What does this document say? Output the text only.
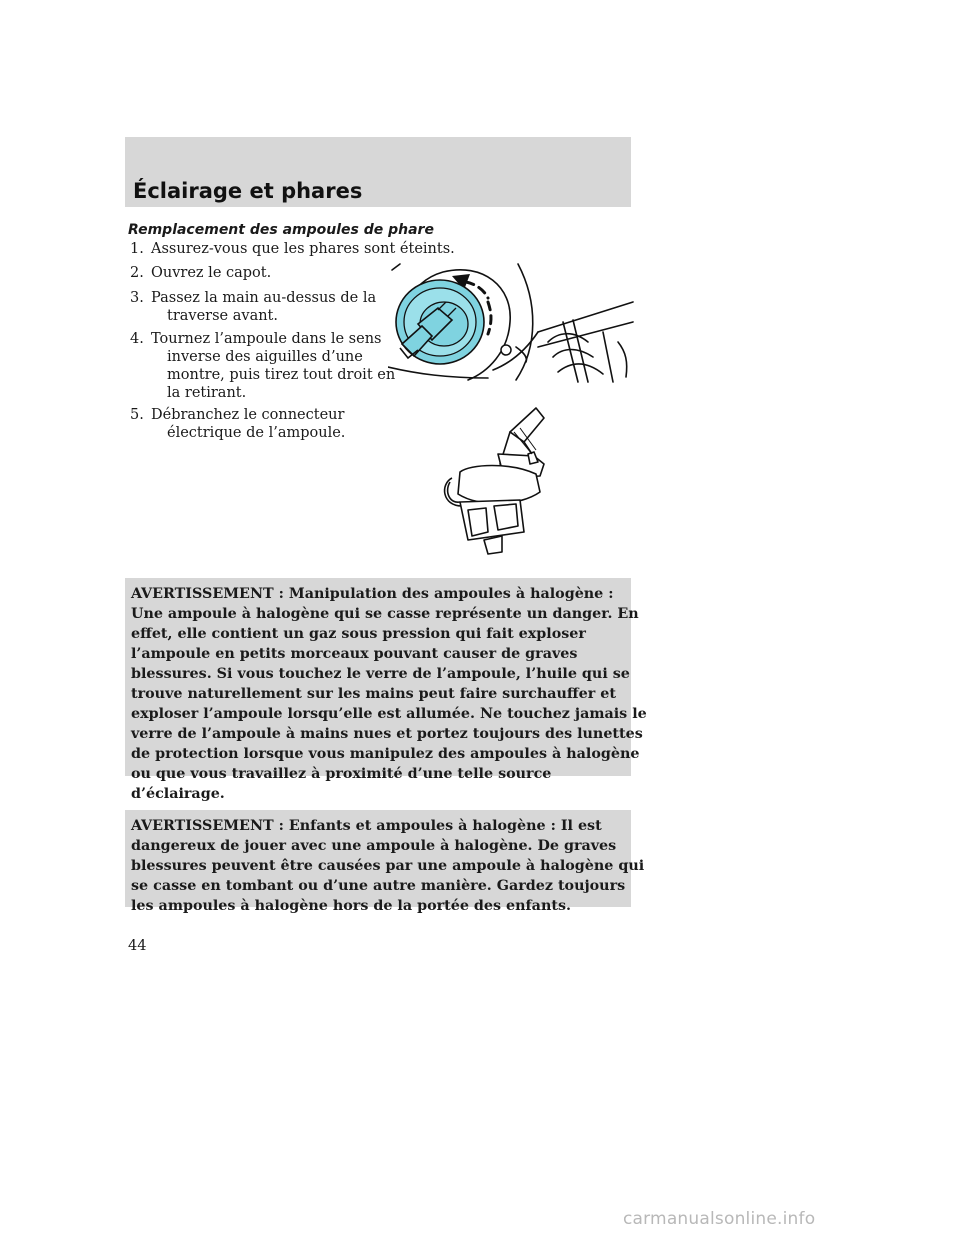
Éclairage et phares
Remplacement des ampoules de phare
1. Assurez-vous que les phares sont éteints.
2. Ouvrez le capot.
3. Passez la main au-dessus de la
traverse avant.
4. Tournez l’ampoule dans le sens
inverse des aiguilles d’une
montre, puis tirez tout droit en
la retirant.
5. Débranchez le connecteur
électrique de l’ampoule.
AVERTISSEMENT : Manipulation des ampoules à halogène :
Une ampoule à halogène qui se casse représente un danger. En
effet, elle contient un gaz sous pression qui fait exploser
l’ampoule en petits morceaux pouvant causer de graves
blessures. Si vous touchez le verre de l’ampoule, l’huile qui se
trouve naturellement sur les mains peut faire surchauffer et
exploser l’ampoule lorsqu’elle est allumée. Ne touchez jamais le
verre de l’ampoule à mains nues et portez toujours des lunettes
de protection lorsque vous manipulez des ampoules à halogène
ou que vous travaillez à proximité d’une telle source
d’éclairage.
AVERTISSEMENT : Enfants et ampoules à halogène : Il est
dangereux de jouer avec une ampoule à halogène. De graves
blessures peuvent être causées par une ampoule à halogène qui
se casse en tombant ou d’une autre manière. Gardez toujours
les ampoules à halogène hors de la portée des enfants.
44
carmanualsonline.info
